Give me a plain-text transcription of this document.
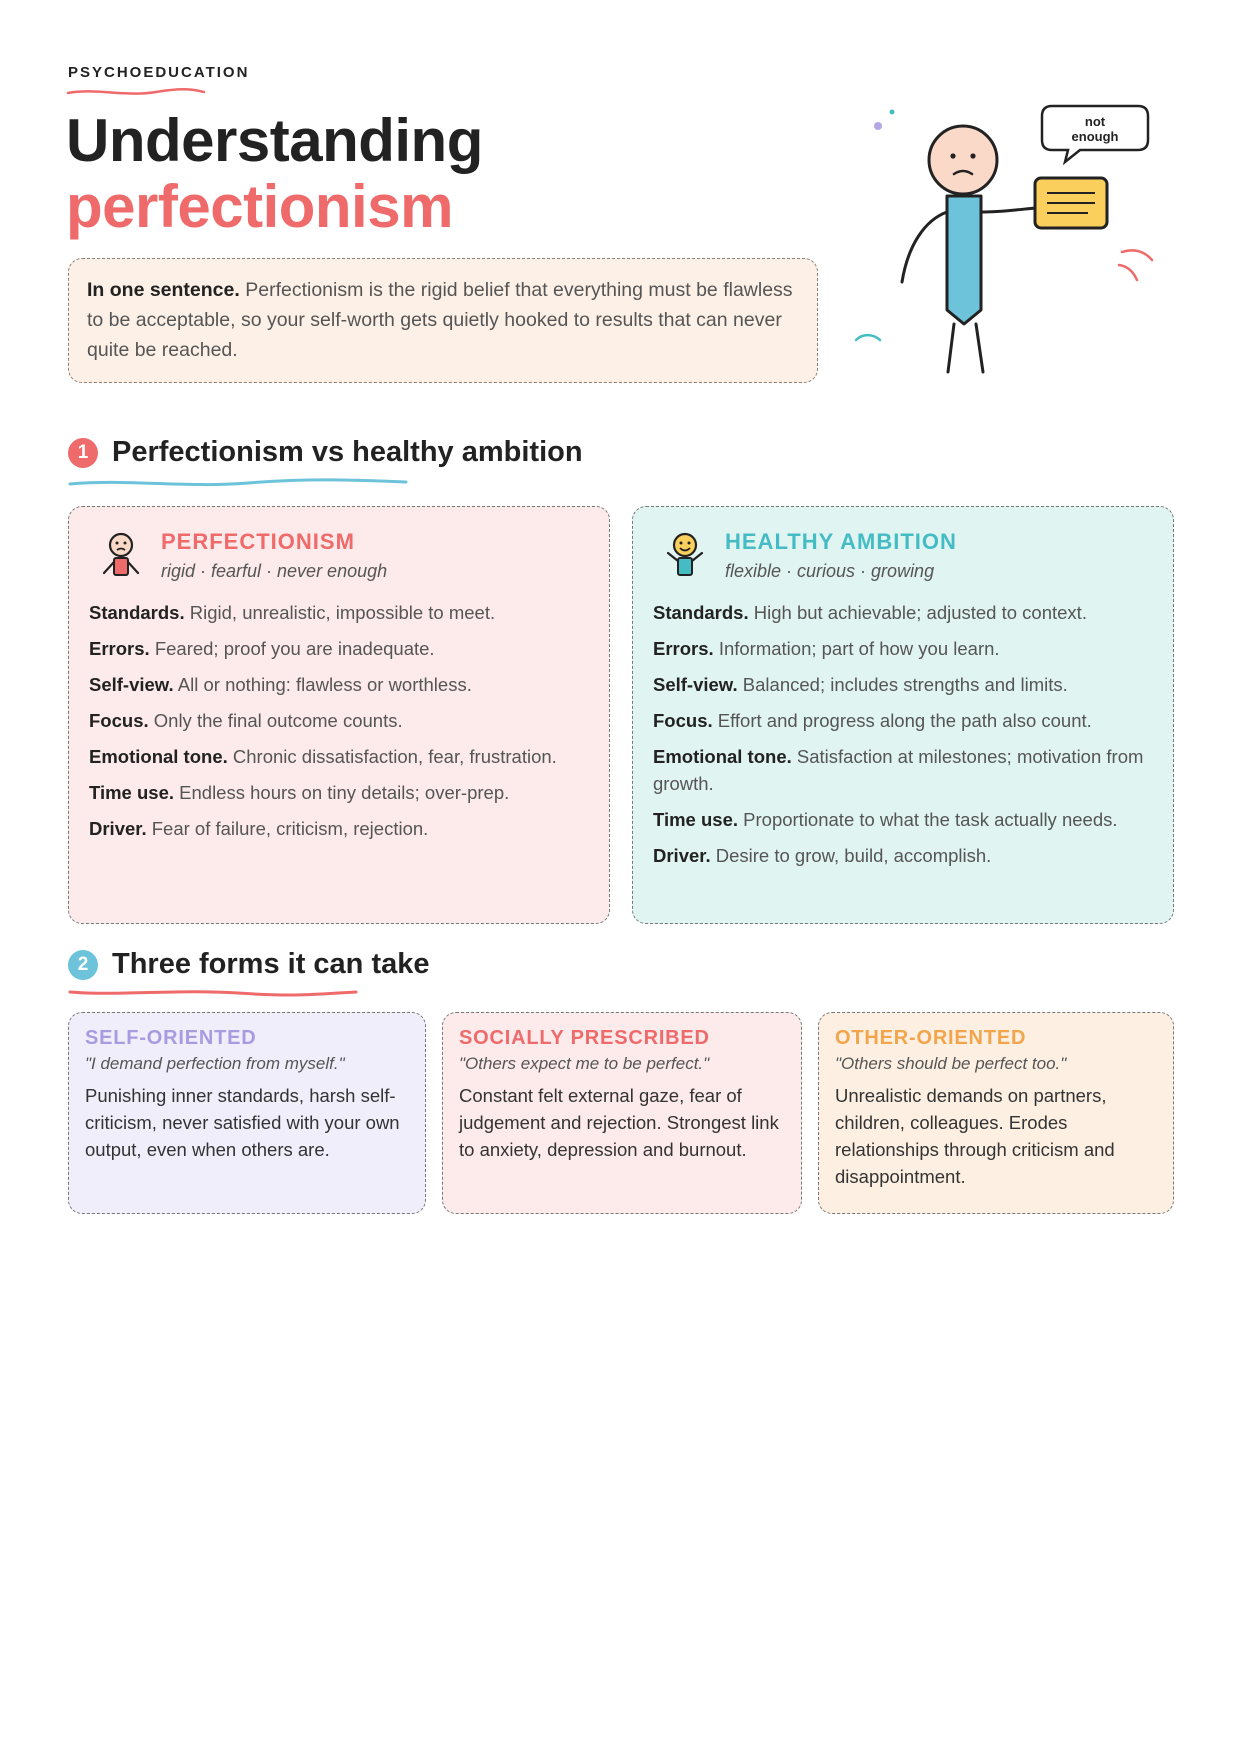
PSYCHOEDUCATION
Understanding
perfectionism
In one sentence. Perfectionism is the rigid belief that everything must be flawless to be acceptable, so your self-worth gets quietly hooked to results that can never quite be reached.
not
enough
1 Perfectionism vs healthy ambition
PERFECTIONISM
rigid · fearful · never enough
Standards. Rigid, unrealistic, impossible to meet.
Errors. Feared; proof you are inadequate.
Self-view. All or nothing: flawless or worthless.
Focus. Only the final outcome counts.
Emotional tone. Chronic dissatisfaction, fear, frustration.
Time use. Endless hours on tiny details; over-prep.
Driver. Fear of failure, criticism, rejection.
HEALTHY AMBITION
flexible · curious · growing
Standards. High but achievable; adjusted to context.
Errors. Information; part of how you learn.
Self-view. Balanced; includes strengths and limits.
Focus. Effort and progress along the path also count.
Emotional tone. Satisfaction at milestones; motivation from growth.
Time use. Proportionate to what the task actually needs.
Driver. Desire to grow, build, accomplish.
2 Three forms it can take
SELF-ORIENTED
"I demand perfection from myself."
Punishing inner standards, harsh self-criticism, never satisfied with your own output, even when others are.
SOCIALLY PRESCRIBED
"Others expect me to be perfect."
Constant felt external gaze, fear of judgement and rejection. Strongest link to anxiety, depression and burnout.
OTHER-ORIENTED
"Others should be perfect too."
Unrealistic demands on partners, children, colleagues. Erodes relationships through criticism and disappointment.
